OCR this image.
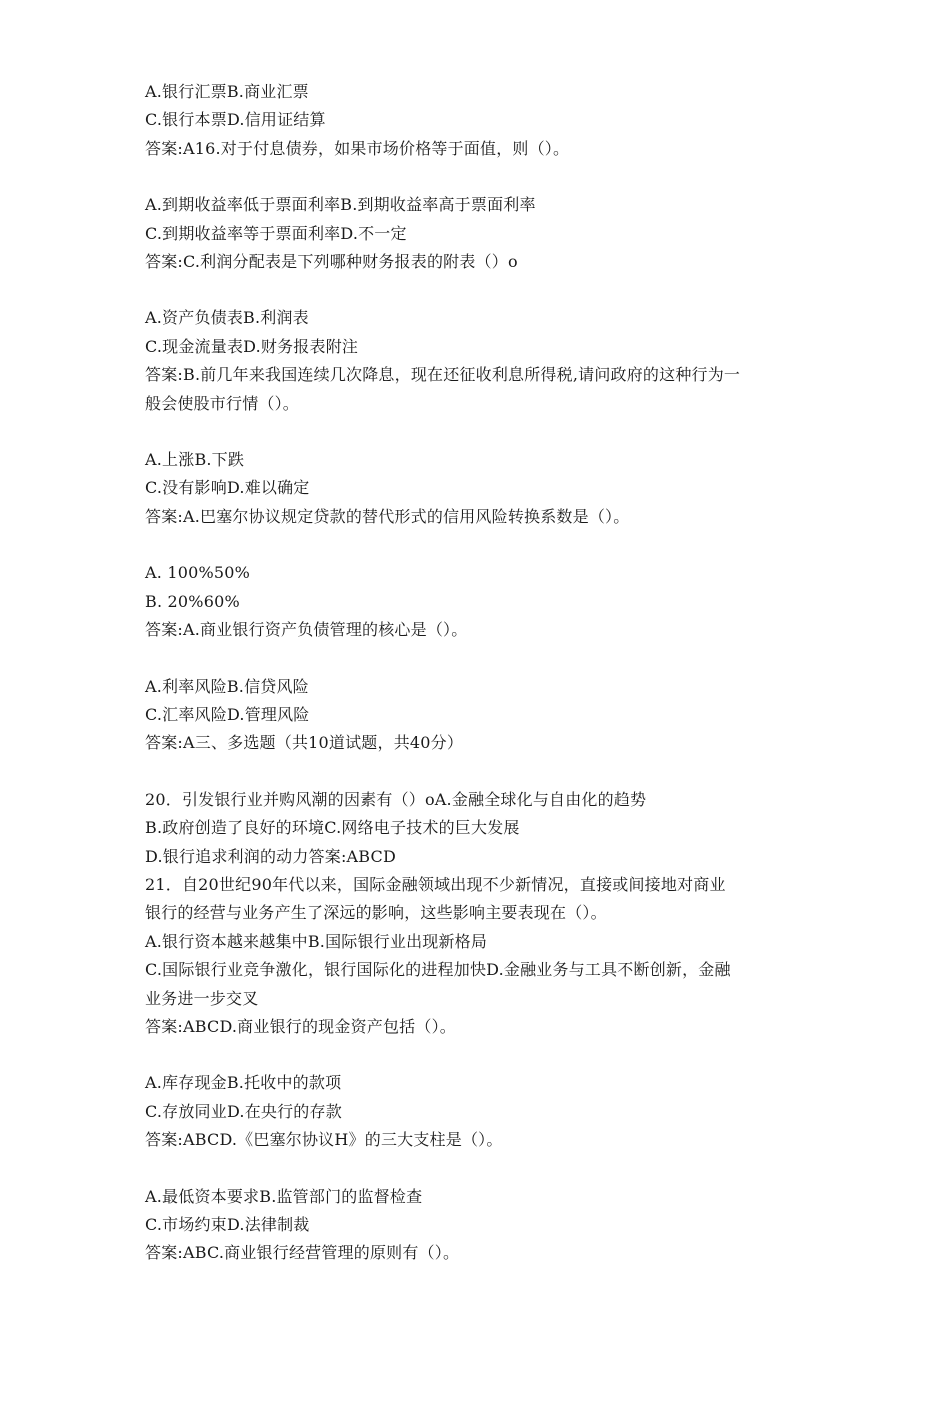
A.银行汇票B.商业汇票
C.银行本票D.信用证结算
答案:A16.对于付息债券，如果市场价格等于面值，则（）。
A.到期收益率低于票面利率B.到期收益率高于票面利率
C.到期收益率等于票面利率D.不一定
答案:C.利润分配表是下列哪种财务报表的附表（）o
A.资产负债表B.利润表
C.现金流量表D.财务报表附注
答案:B.前几年来我国连续几次降息，现在还征收利息所得税,请问政府的这种行为一
般会使股市行情（）。
A.上涨B.下跌
C.没有影响D.难以确定
答案:A.巴塞尔协议规定贷款的替代形式的信用风险转换系数是（）。
A. 100%50%
B. 20%60%
答案:A.商业银行资产负债管理的核心是（）。
A.利率风险B.信贷风险
C.汇率风险D.管理风险
答案:A三、多选题（共10道试题，共40分）
20．引发银行业并购风潮的因素有（）oA.金融全球化与自由化的趋势
B.政府创造了良好的环境C.网络电子技术的巨大发展
D.银行追求利润的动力答案:ABCD
21．自20世纪90年代以来，国际金融领域出现不少新情况，直接或间接地对商业
银行的经营与业务产生了深远的影响，这些影响主要表现在（）。
A.银行资本越来越集中B.国际银行业出现新格局
C.国际银行业竞争激化，银行国际化的进程加快D.金融业务与工具不断创新，金融
业务进一步交叉
答案:ABCD.商业银行的现金资产包括（）。
A.库存现金B.托收中的款项
C.存放同业D.在央行的存款
答案:ABCD.《巴塞尔协议H》的三大支柱是（）。
A.最低资本要求B.监管部门的监督检查
C.市场约束D.法律制裁
答案:ABC.商业银行经营管理的原则有（）。
